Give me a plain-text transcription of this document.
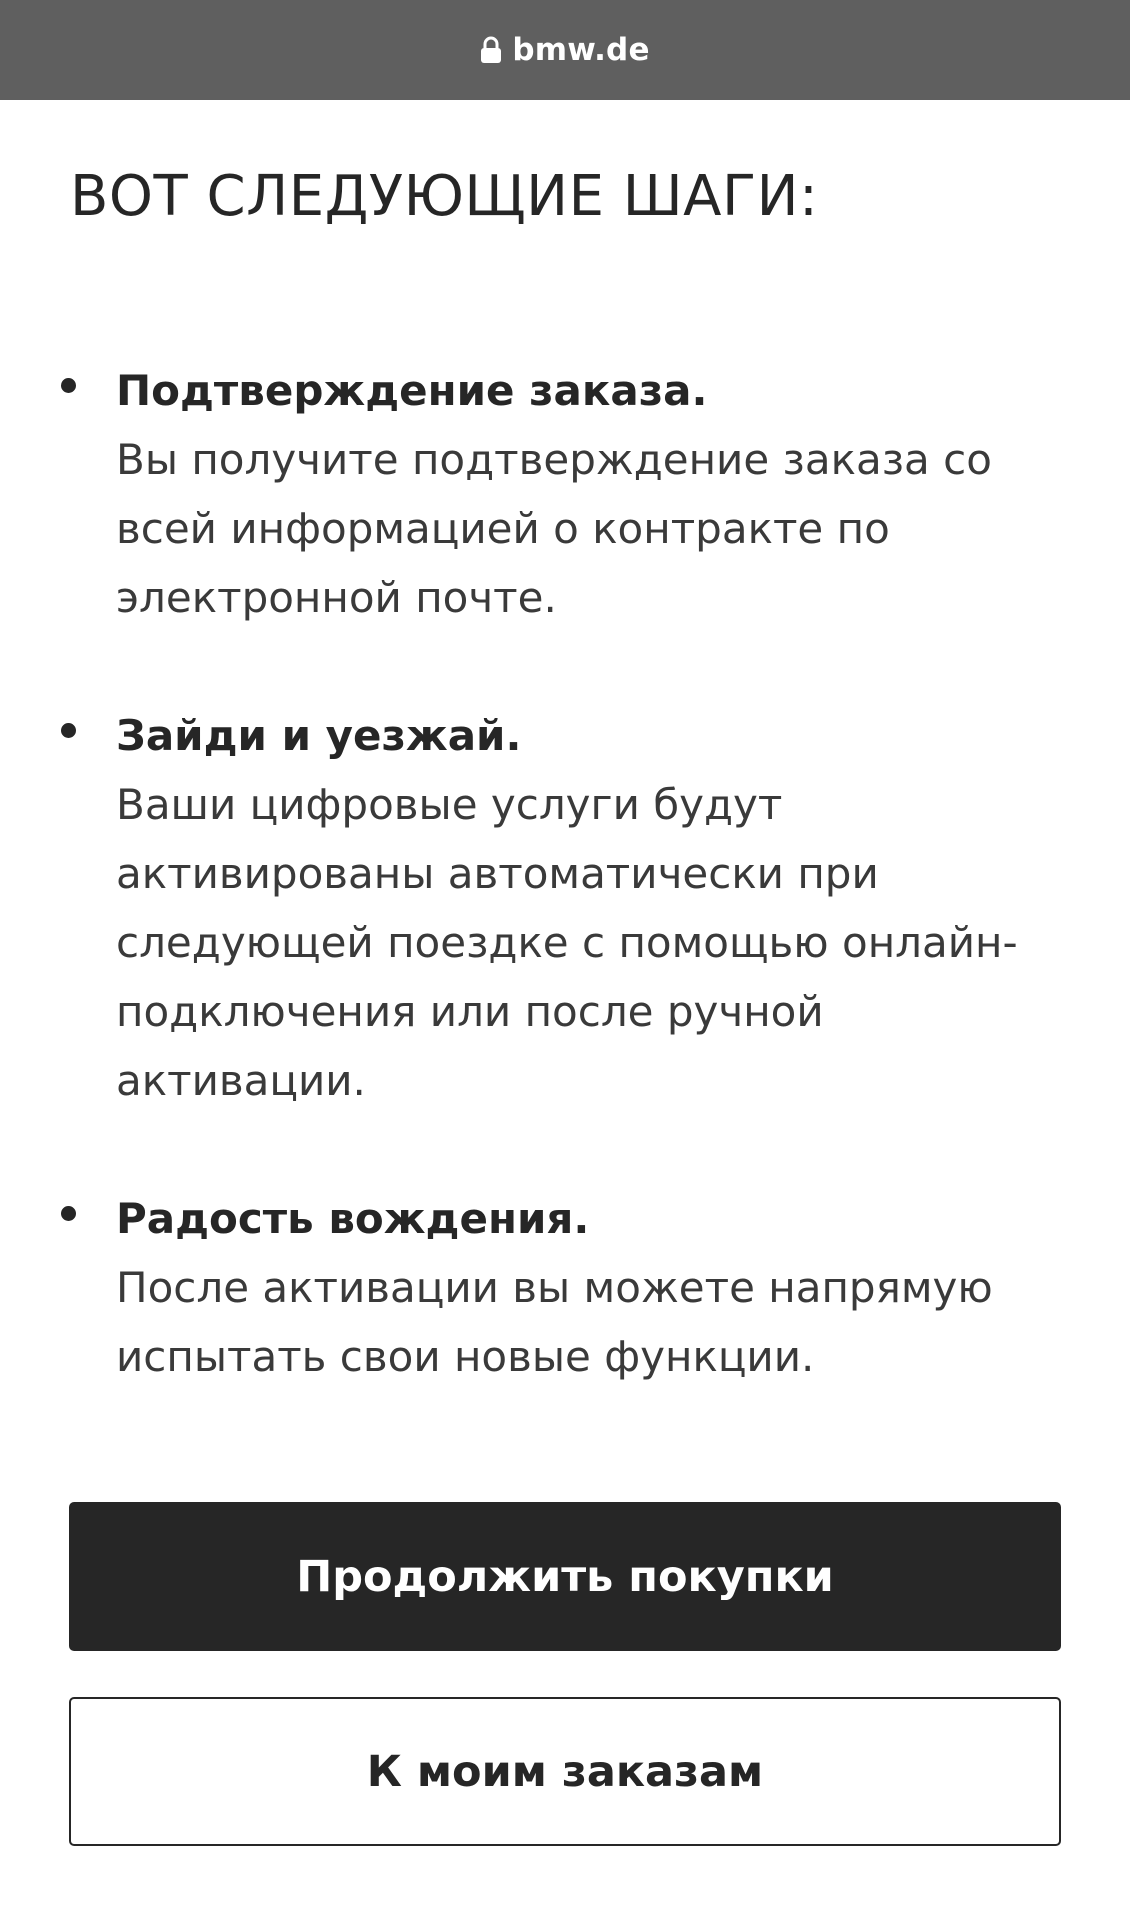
bmw.de
ВОТ СЛЕДУЮЩИЕ ШАГИ:
Подтверждение заказа.
Вы получите подтверждение заказа со
всей информацией о контракте по
электронной почте.
Зайди и уезжай.
Ваши цифровые услуги будут
активированы автоматически при
следующей поездке с помощью онлайн-
подключения или после ручной
активации.
Радость вождения.
После активации вы можете напрямую
испытать свои новые функции.
Продолжить покупки
К моим заказам
